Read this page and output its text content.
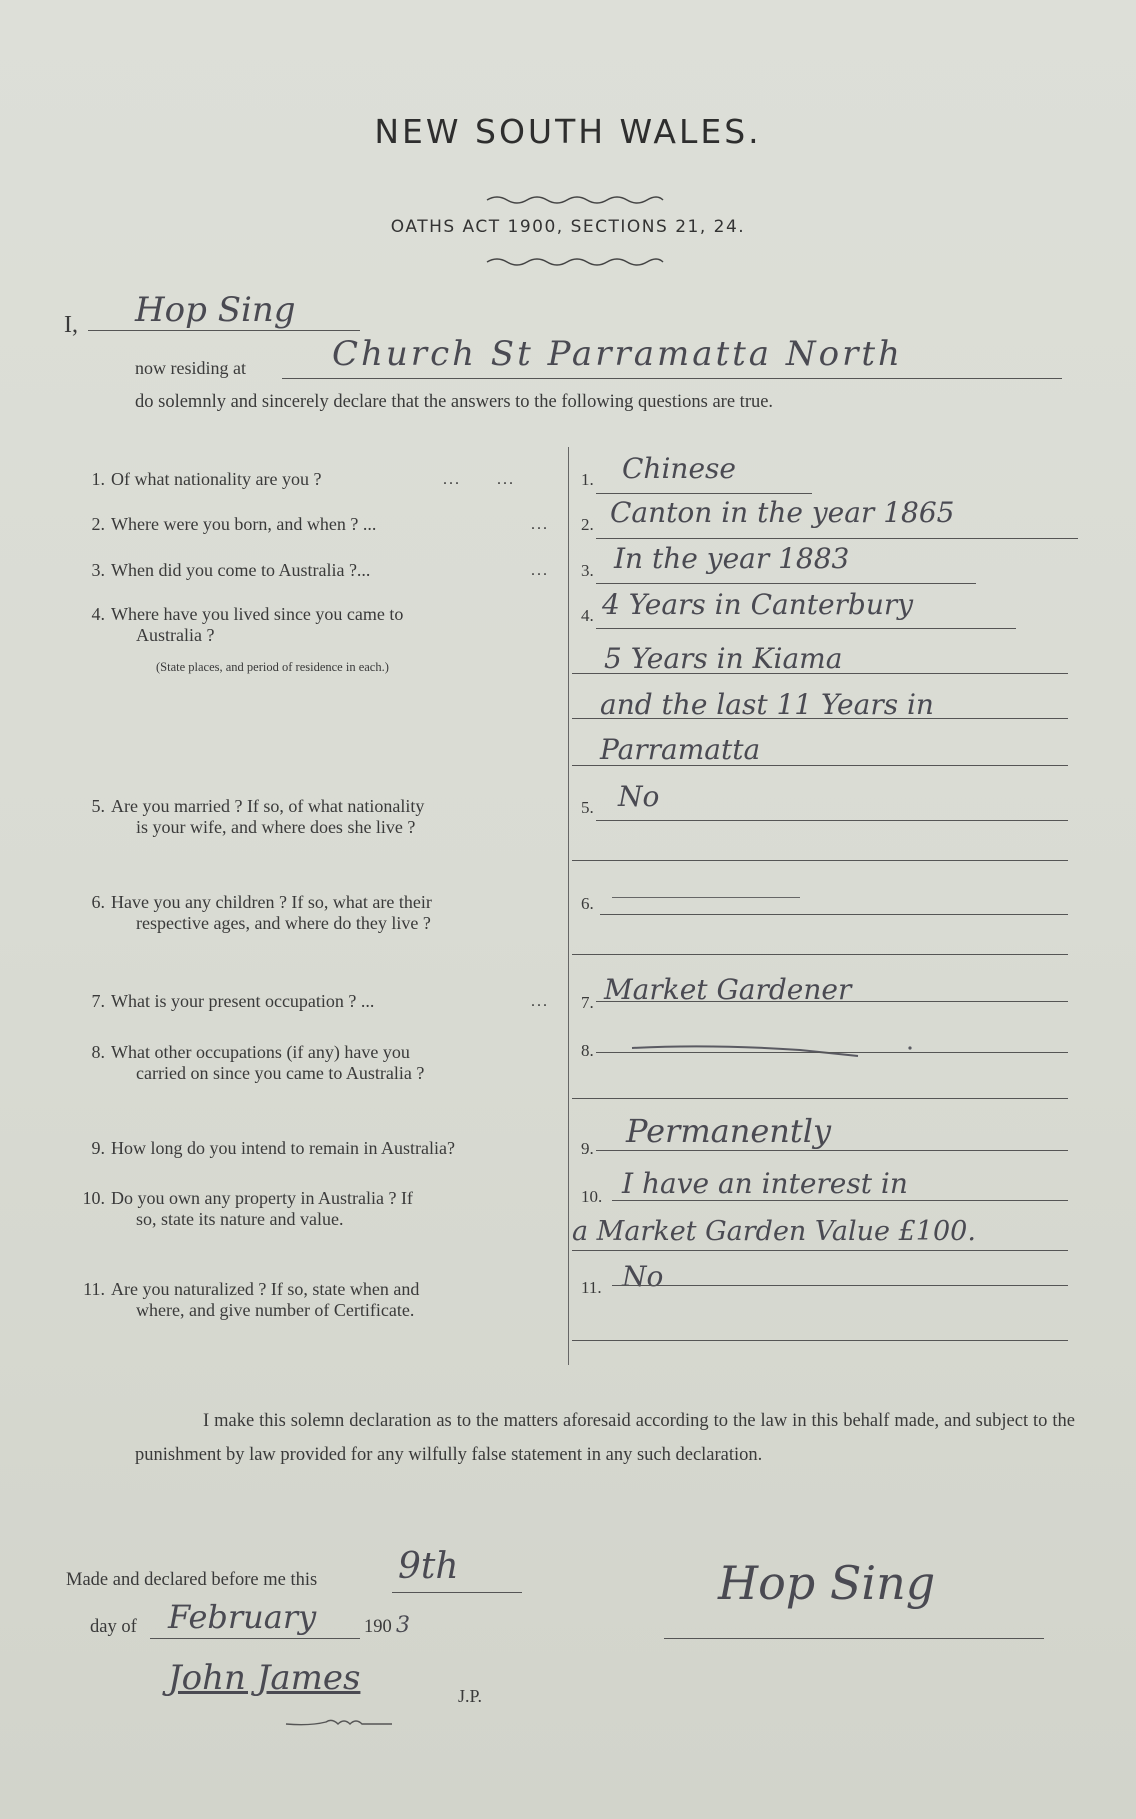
NEW SOUTH WALES.
OATHS ACT 1900, SECTIONS 21, 24.
I, Hop Sing
now residing at	Church St Parramatta North
do solemnly and sincerely declare that the answers to the following questions are true.
1. Of what nationality are you ?	...      ...	1. Chinese
2. Where were you born, and when ? ...	... 2. Canton in the year 1865
3. When did you come to Australia ?...	... 3. In the year 1883
4. Where have you lived since you came to
Australia ?
(State places, and period of residence in each.)
4. 4 Years in Canterbury
5 Years in Kiama
and the last 11 Years in
Parramatta
5. Are you married ? If so, of what nationality
is your wife, and where does she live ?
5. No
6. Have you any children ? If so, what are their
respective ages, and where do they live ?
6.
7. What is your present occupation ? ...	... 7. Market Gardener
8. What other occupations (if any) have you
carried on since you came to Australia ?
8.
9. How long do you intend to remain in Australia?	9. Permanently
10. Do you own any property in Australia ? If
so, state its nature and value.
10. I have an interest in
a Market Garden Value £100.
11. Are you naturalized ? If so, state when and
where, and give number of Certificate.
11. No
I make this solemn declaration as to the matters aforesaid according to the law in this behalf made, and subject to the punishment by law provided for any wilfully false statement in any such declaration.
Made and declared before me this 9th
day of February	190 3
John James	J.P.
Hop Sing
